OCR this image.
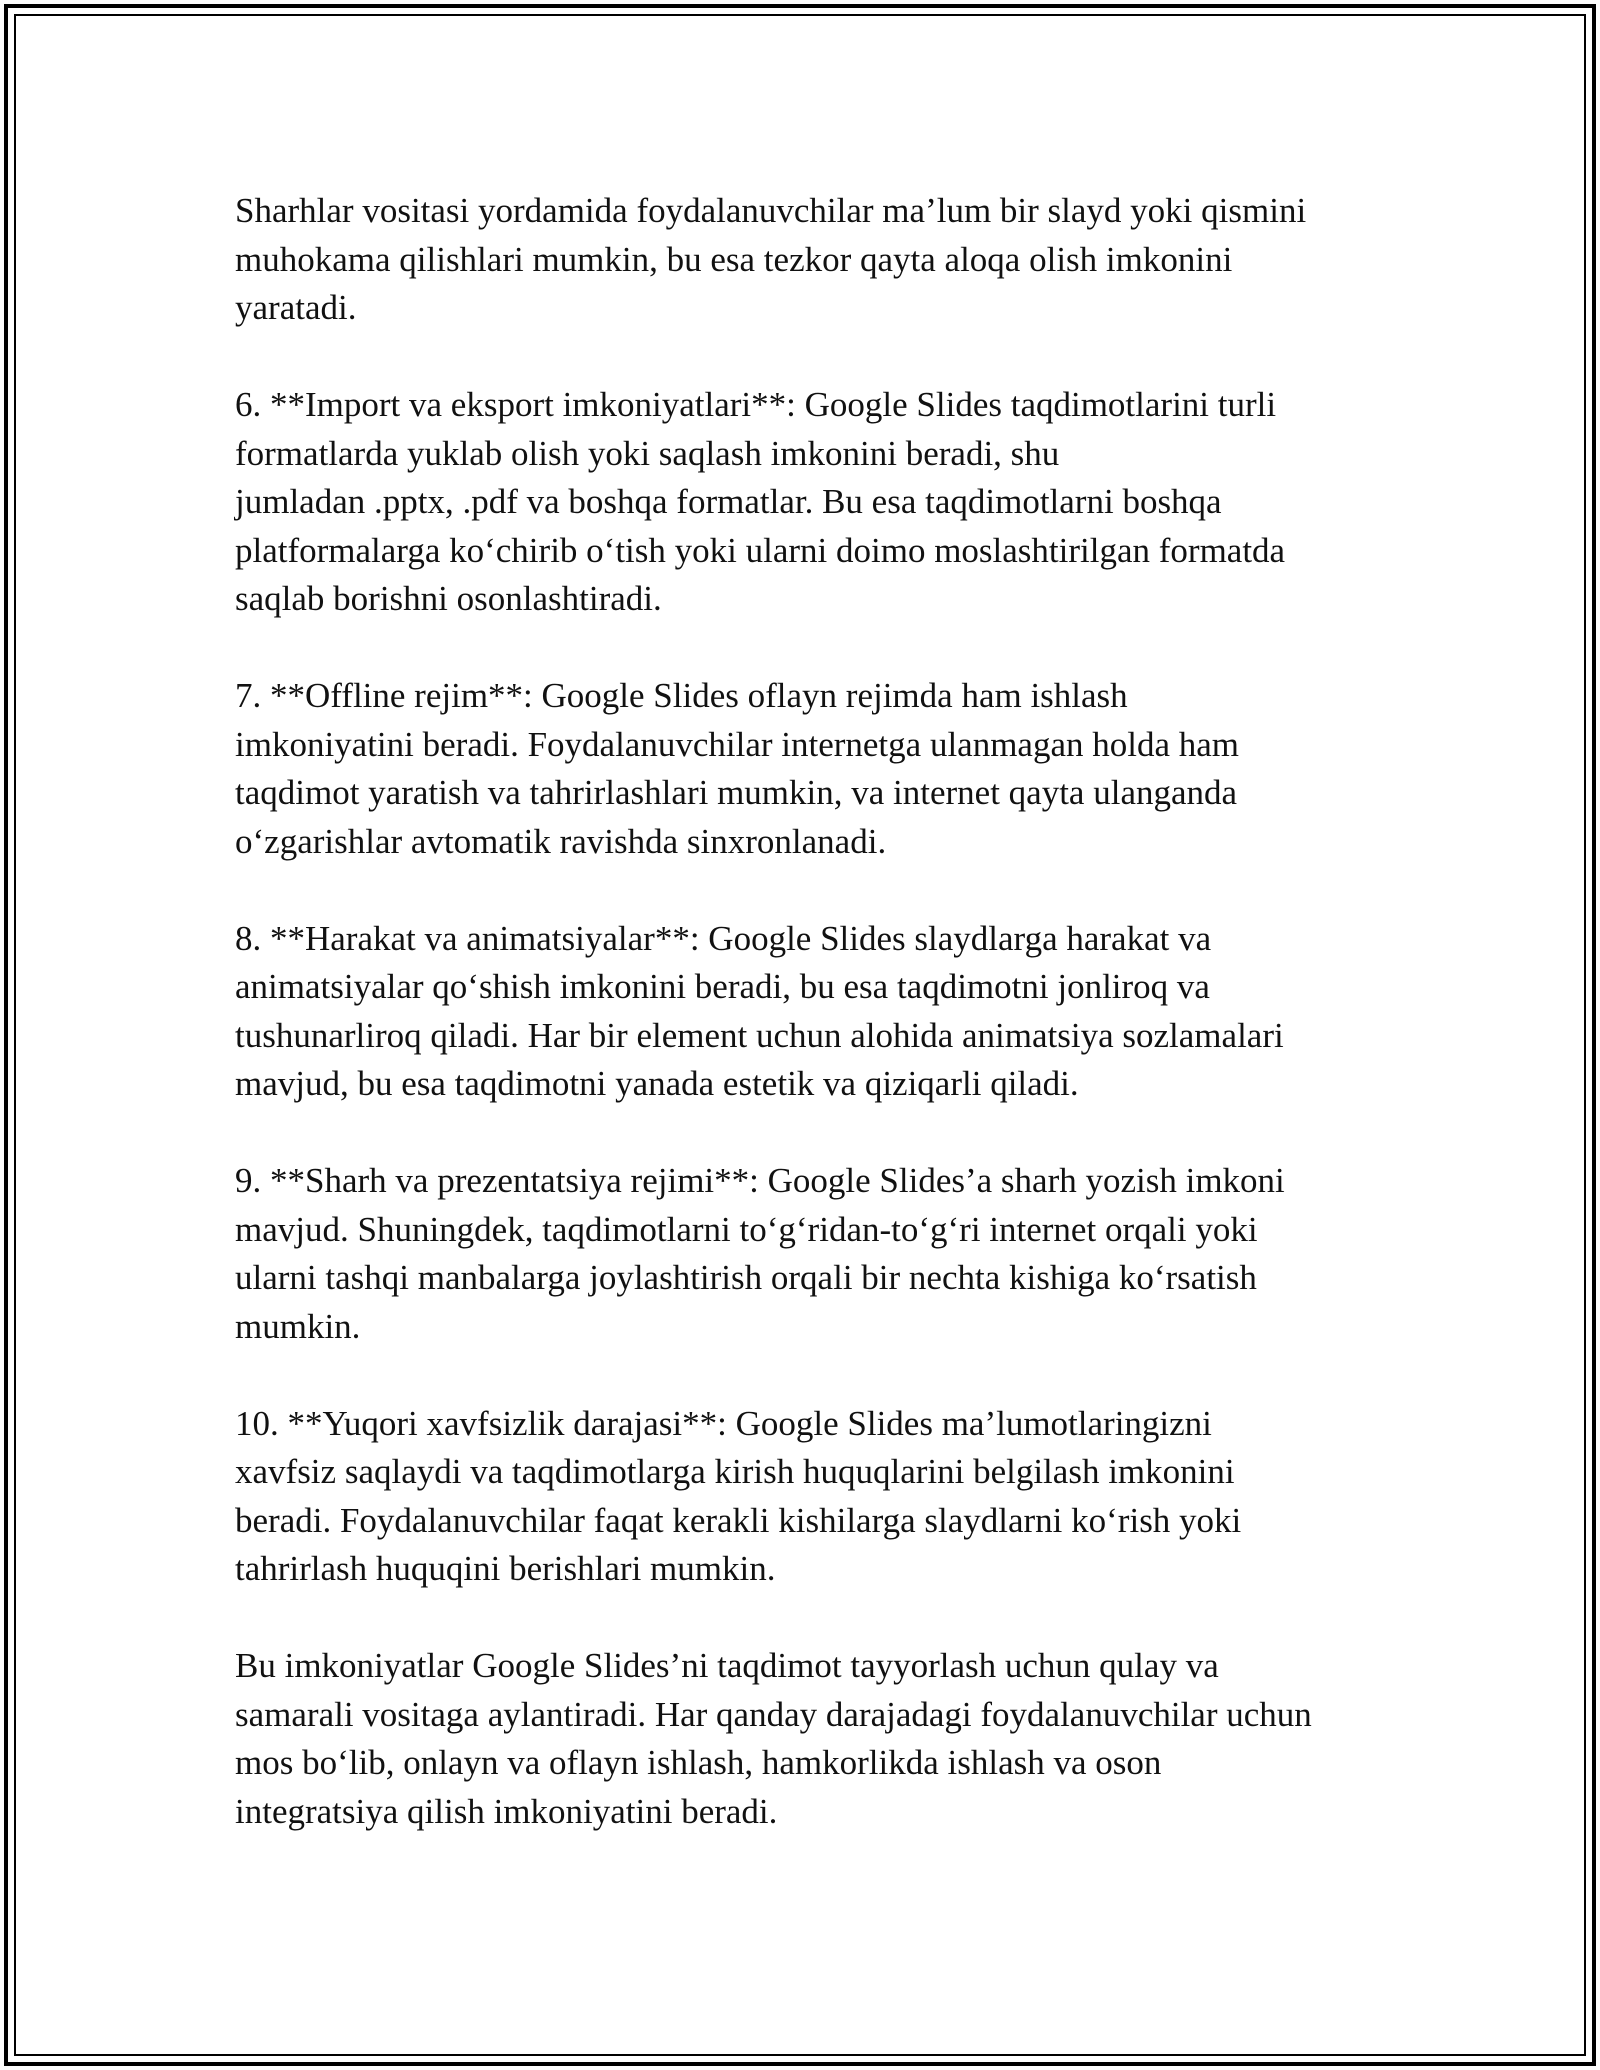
Sharhlar vositasi yordamida foydalanuvchilar ma’lum bir slayd yoki qismini
muhokama qilishlari mumkin, bu esa tezkor qayta aloqa olish imkonini
yaratadi.

6. **Import va eksport imkoniyatlari**: Google Slides taqdimotlarini turli
formatlarda yuklab olish yoki saqlash imkonini beradi, shu
jumladan .pptx, .pdf va boshqa formatlar. Bu esa taqdimotlarni boshqa
platformalarga ko‘chirib o‘tish yoki ularni doimo moslashtirilgan formatda
saqlab borishni osonlashtiradi.

7. **Offline rejim**: Google Slides oflayn rejimda ham ishlash
imkoniyatini beradi. Foydalanuvchilar internetga ulanmagan holda ham
taqdimot yaratish va tahrirlashlari mumkin, va internet qayta ulanganda
o‘zgarishlar avtomatik ravishda sinxronlanadi.

8. **Harakat va animatsiyalar**: Google Slides slaydlarga harakat va
animatsiyalar qo‘shish imkonini beradi, bu esa taqdimotni jonliroq va
tushunarliroq qiladi. Har bir element uchun alohida animatsiya sozlamalari
mavjud, bu esa taqdimotni yanada estetik va qiziqarli qiladi.

9. **Sharh va prezentatsiya rejimi**: Google Slides’a sharh yozish imkoni
mavjud. Shuningdek, taqdimotlarni to‘g‘ridan-to‘g‘ri internet orqali yoki
ularni tashqi manbalarga joylashtirish orqali bir nechta kishiga ko‘rsatish
mumkin.

10. **Yuqori xavfsizlik darajasi**: Google Slides ma’lumotlaringizni
xavfsiz saqlaydi va taqdimotlarga kirish huquqlarini belgilash imkonini
beradi. Foydalanuvchilar faqat kerakli kishilarga slaydlarni ko‘rish yoki
tahrirlash huquqini berishlari mumkin.

Bu imkoniyatlar Google Slides’ni taqdimot tayyorlash uchun qulay va
samarali vositaga aylantiradi. Har qanday darajadagi foydalanuvchilar uchun
mos bo‘lib, onlayn va oflayn ishlash, hamkorlikda ishlash va oson
integratsiya qilish imkoniyatini beradi.
